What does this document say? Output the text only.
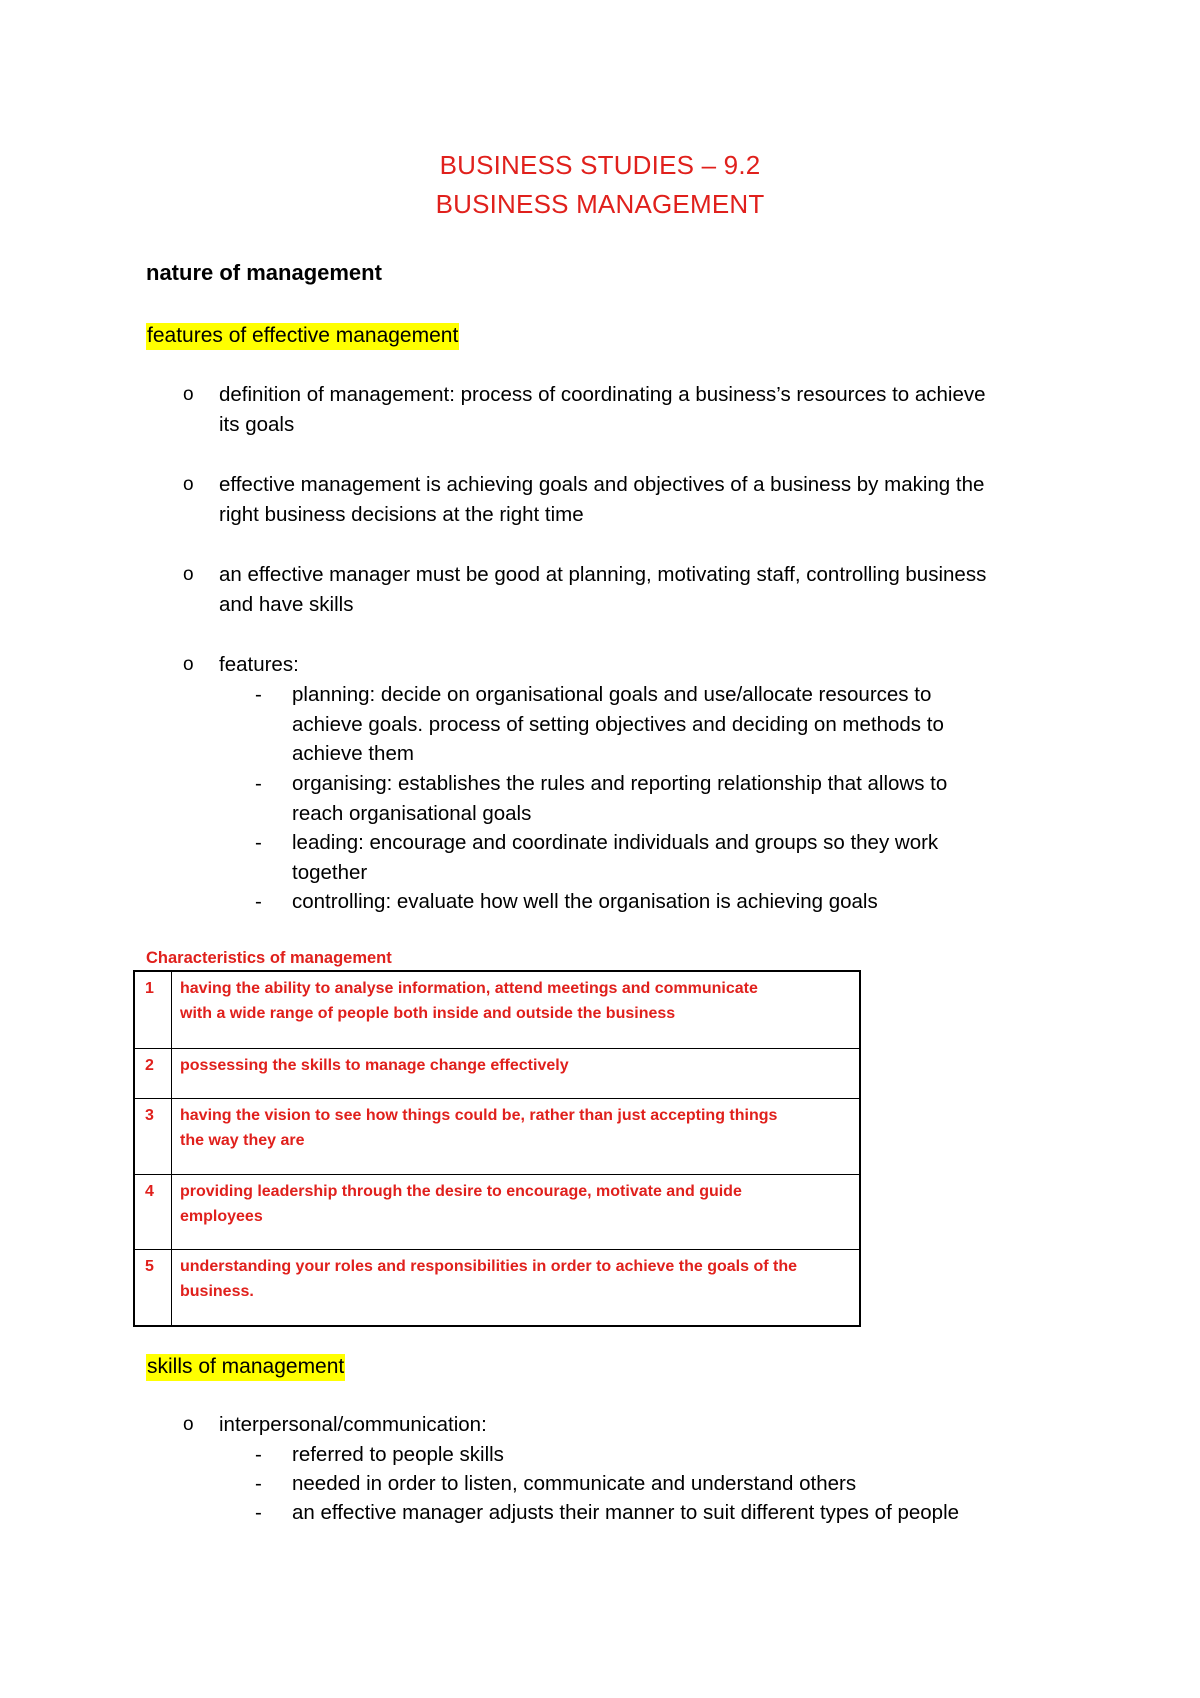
BUSINESS STUDIES – 9.2
BUSINESS MANAGEMENT
nature of management
features of effective management
o definition of management: process of coordinating a business’s resources to achieve
its goals
o effective management is achieving goals and objectives of a business by making the
right business decisions at the right time
o an effective manager must be good at planning, motivating staff, controlling business
and have skills
o features:
- planning: decide on organisational goals and use/allocate resources to
achieve goals. process of setting objectives and deciding on methods to
achieve them
- organising: establishes the rules and reporting relationship that allows to
reach organisational goals
- leading: encourage and coordinate individuals and groups so they work
together
- controlling: evaluate how well the organisation is achieving goals
Characteristics of management
1	having the ability to analyse information, attend meetings and communicate
with a wide range of people both inside and outside the business
2	possessing the skills to manage change effectively
3	having the vision to see how things could be, rather than just accepting things
the way they are
4	providing leadership through the desire to encourage, motivate and guide
employees
5	understanding your roles and responsibilities in order to achieve the goals of the
business.
skills of management
o interpersonal/communication:
- referred to people skills
- needed in order to listen, communicate and understand others
- an effective manager adjusts their manner to suit different types of people
